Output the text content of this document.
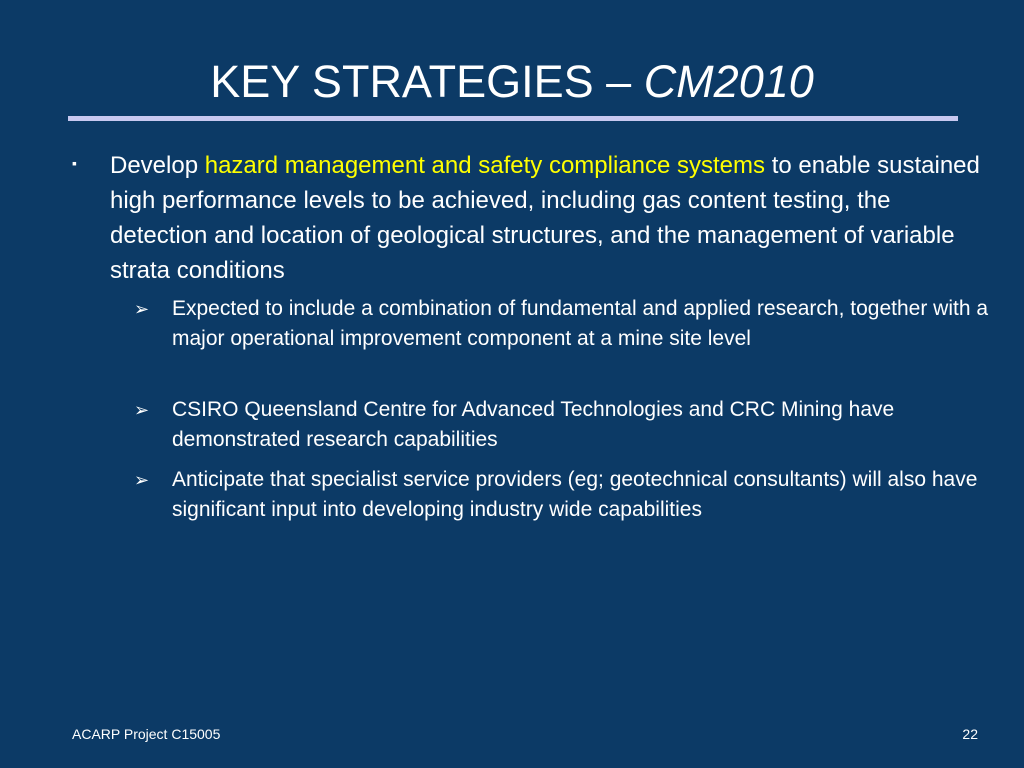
KEY STRATEGIES – CM2010
▪ Develop hazard management and safety compliance systems to enable sustained high performance levels to be achieved, including gas content testing, the detection and location of geological structures, and the management of variable strata conditions
➢ Expected to include a combination of fundamental and applied research, together with a major operational improvement component at a mine site level
➢ CSIRO Queensland Centre for Advanced Technologies and CRC Mining have demonstrated research capabilities
➢ Anticipate that specialist service providers (eg; geotechnical consultants) will also have significant input into developing industry wide capabilities
ACARP Project C15005	22
